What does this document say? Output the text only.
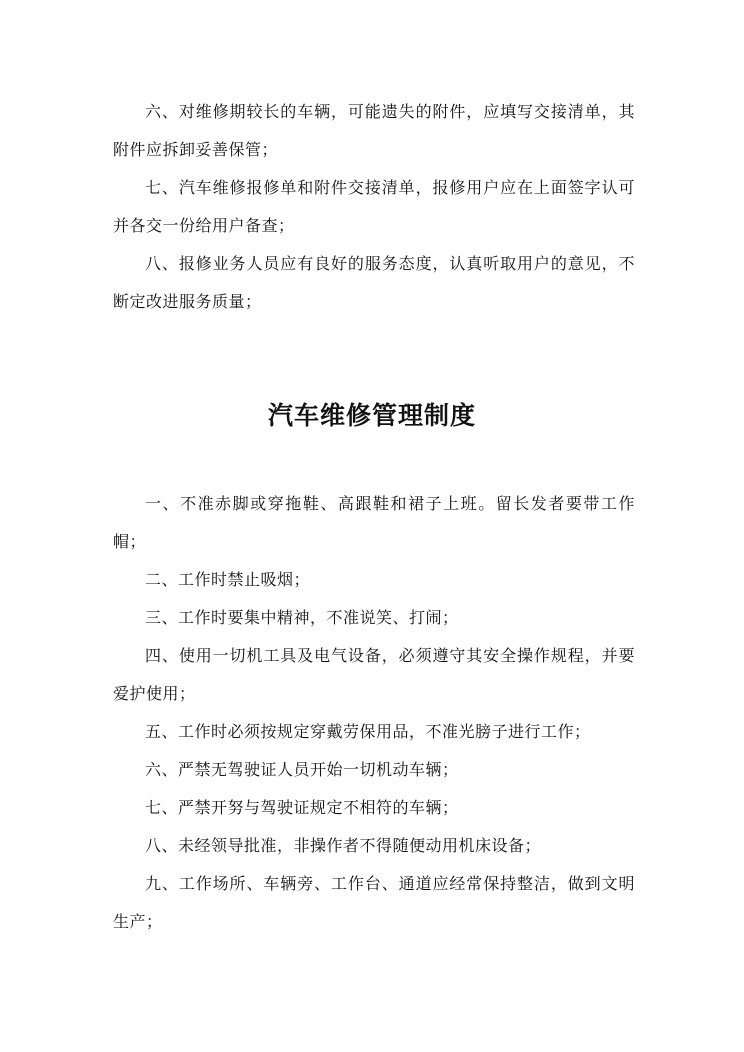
六、对维修期较长的车辆，可能遗失的附件，应填写交接清单，其附件应拆卸妥善保管；

七、汽车维修报修单和附件交接清单，报修用户应在上面签字认可并各交一份给用户备查；

八、报修业务人员应有良好的服务态度，认真听取用户的意见，不断定改进服务质量；

汽车维修管理制度

一、不准赤脚或穿拖鞋、高跟鞋和裙子上班。留长发者要带工作帽；

二、工作时禁止吸烟；

三、工作时要集中精神，不准说笑、打闹；

四、使用一切机工具及电气设备，必须遵守其安全操作规程，并要爱护使用；

五、工作时必须按规定穿戴劳保用品，不准光膀子进行工作；

六、严禁无驾驶证人员开始一切机动车辆；

七、严禁开努与驾驶证规定不相符的车辆；

八、未经领导批准，非操作者不得随便动用机床设备；

九、工作场所、车辆旁、工作台、通道应经常保持整洁，做到文明生产；
